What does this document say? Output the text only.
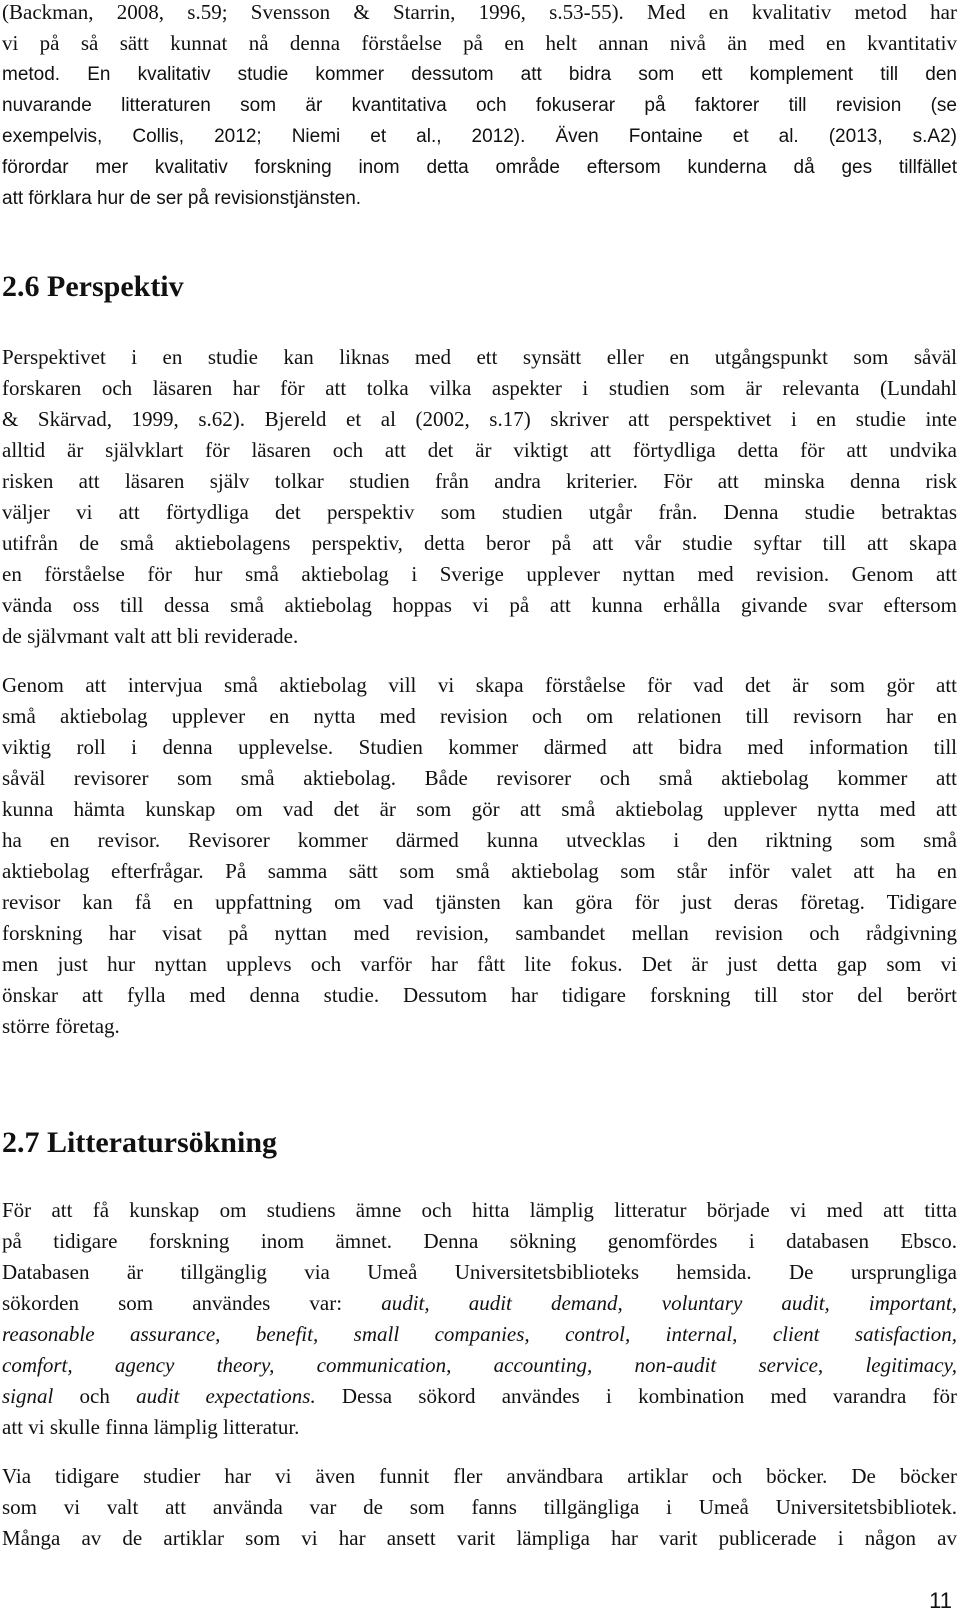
(Backman, 2008, s.59; Svensson & Starrin, 1996, s.53-55). Med en kvalitativ metod har
vi på så sätt kunnat nå denna förståelse på en helt annan nivå än med en kvantitativ
metod. En kvalitativ studie kommer dessutom att bidra som ett komplement till den
nuvarande litteraturen som är kvantitativa och fokuserar på faktorer till revision (se
exempelvis, Collis, 2012; Niemi et al., 2012). Även Fontaine et al. (2013, s.A2)
förordar mer kvalitativ forskning inom detta område eftersom kunderna då ges tillfället
att förklara hur de ser på revisionstjänsten.
2.6 Perspektiv
Perspektivet i en studie kan liknas med ett synsätt eller en utgångspunkt som såväl
forskaren och läsaren har för att tolka vilka aspekter i studien som är relevanta (Lundahl
& Skärvad, 1999, s.62). Bjereld et al (2002, s.17) skriver att perspektivet i en studie inte
alltid är självklart för läsaren och att det är viktigt att förtydliga detta för att undvika
risken att läsaren själv tolkar studien från andra kriterier. För att minska denna risk
väljer vi att förtydliga det perspektiv som studien utgår från. Denna studie betraktas
utifrån de små aktiebolagens perspektiv, detta beror på att vår studie syftar till att skapa
en förståelse för hur små aktiebolag i Sverige upplever nyttan med revision. Genom att
vända oss till dessa små aktiebolag hoppas vi på att kunna erhålla givande svar eftersom
de självmant valt att bli reviderade.
Genom att intervjua små aktiebolag vill vi skapa förståelse för vad det är som gör att
små aktiebolag upplever en nytta med revision och om relationen till revisorn har en
viktig roll i denna upplevelse. Studien kommer därmed att bidra med information till
såväl revisorer som små aktiebolag. Både revisorer och små aktiebolag kommer att
kunna hämta kunskap om vad det är som gör att små aktiebolag upplever nytta med att
ha en revisor. Revisorer kommer därmed kunna utvecklas i den riktning som små
aktiebolag efterfrågar. På samma sätt som små aktiebolag som står inför valet att ha en
revisor kan få en uppfattning om vad tjänsten kan göra för just deras företag. Tidigare
forskning har visat på nyttan med revision, sambandet mellan revision och rådgivning
men just hur nyttan upplevs och varför har fått lite fokus. Det är just detta gap som vi
önskar att fylla med denna studie. Dessutom har tidigare forskning till stor del berört
större företag.
2.7 Litteratursökning
För att få kunskap om studiens ämne och hitta lämplig litteratur började vi med att titta
på tidigare forskning inom ämnet. Denna sökning genomfördes i databasen Ebsco.
Databasen är tillgänglig via Umeå Universitetsbiblioteks hemsida. De ursprungliga
sökorden som användes var: audit, audit demand, voluntary audit, important,
reasonable assurance, benefit, small companies, control, internal, client satisfaction,
comfort, agency theory, communication, accounting, non-audit service, legitimacy,
signal och audit expectations. Dessa sökord användes i kombination med varandra för
att vi skulle finna lämplig litteratur.
Via tidigare studier har vi även funnit fler användbara artiklar och böcker. De böcker
som vi valt att använda var de som fanns tillgängliga i Umeå Universitetsbibliotek.
Många av de artiklar som vi har ansett varit lämpliga har varit publicerade i någon av
11
